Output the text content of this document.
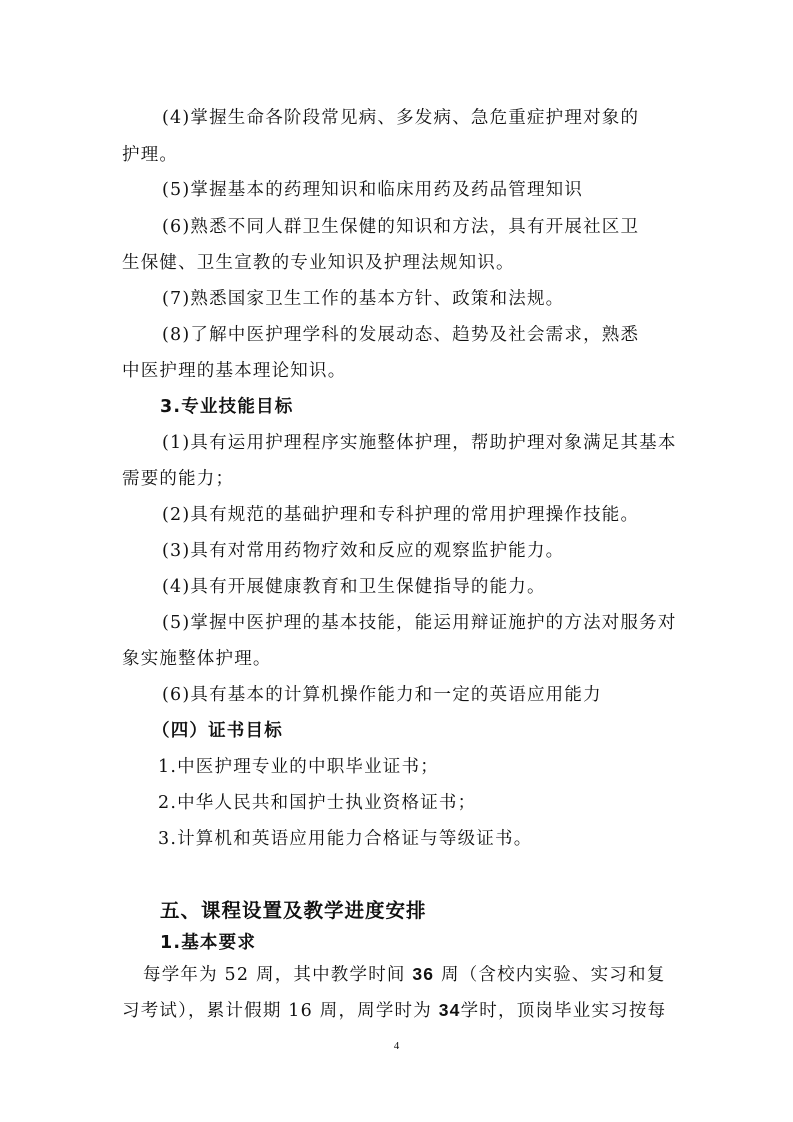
(4)掌握生命各阶段常见病、多发病、急危重症护理对象的
护理。
(5)掌握基本的药理知识和临床用药及药品管理知识
(6)熟悉不同人群卫生保健的知识和方法，具有开展社区卫
生保健、卫生宣教的专业知识及护理法规知识。
(7)熟悉国家卫生工作的基本方针、政策和法规。
(8)了解中医护理学科的发展动态、趋势及社会需求，熟悉
中医护理的基本理论知识。
3.专业技能目标
(1)具有运用护理程序实施整体护理，帮助护理对象满足其基本
需要的能力；
(2)具有规范的基础护理和专科护理的常用护理操作技能。
(3)具有对常用药物疗效和反应的观察监护能力。
(4)具有开展健康教育和卫生保健指导的能力。
(5)掌握中医护理的基本技能，能运用辩证施护的方法对服务对
象实施整体护理。
(6)具有基本的计算机操作能力和一定的英语应用能力
（四）证书目标
1.中医护理专业的中职毕业证书；
2.中华人民共和国护士执业资格证书；
3.计算机和英语应用能力合格证与等级证书。
五、课程设置及教学进度安排
1.基本要求
每学年为 52 周，其中教学时间 36 周（含校内实验、实习和复
习考试），累计假期 16 周，周学时为 34学时，顶岗毕业实习按每
4
